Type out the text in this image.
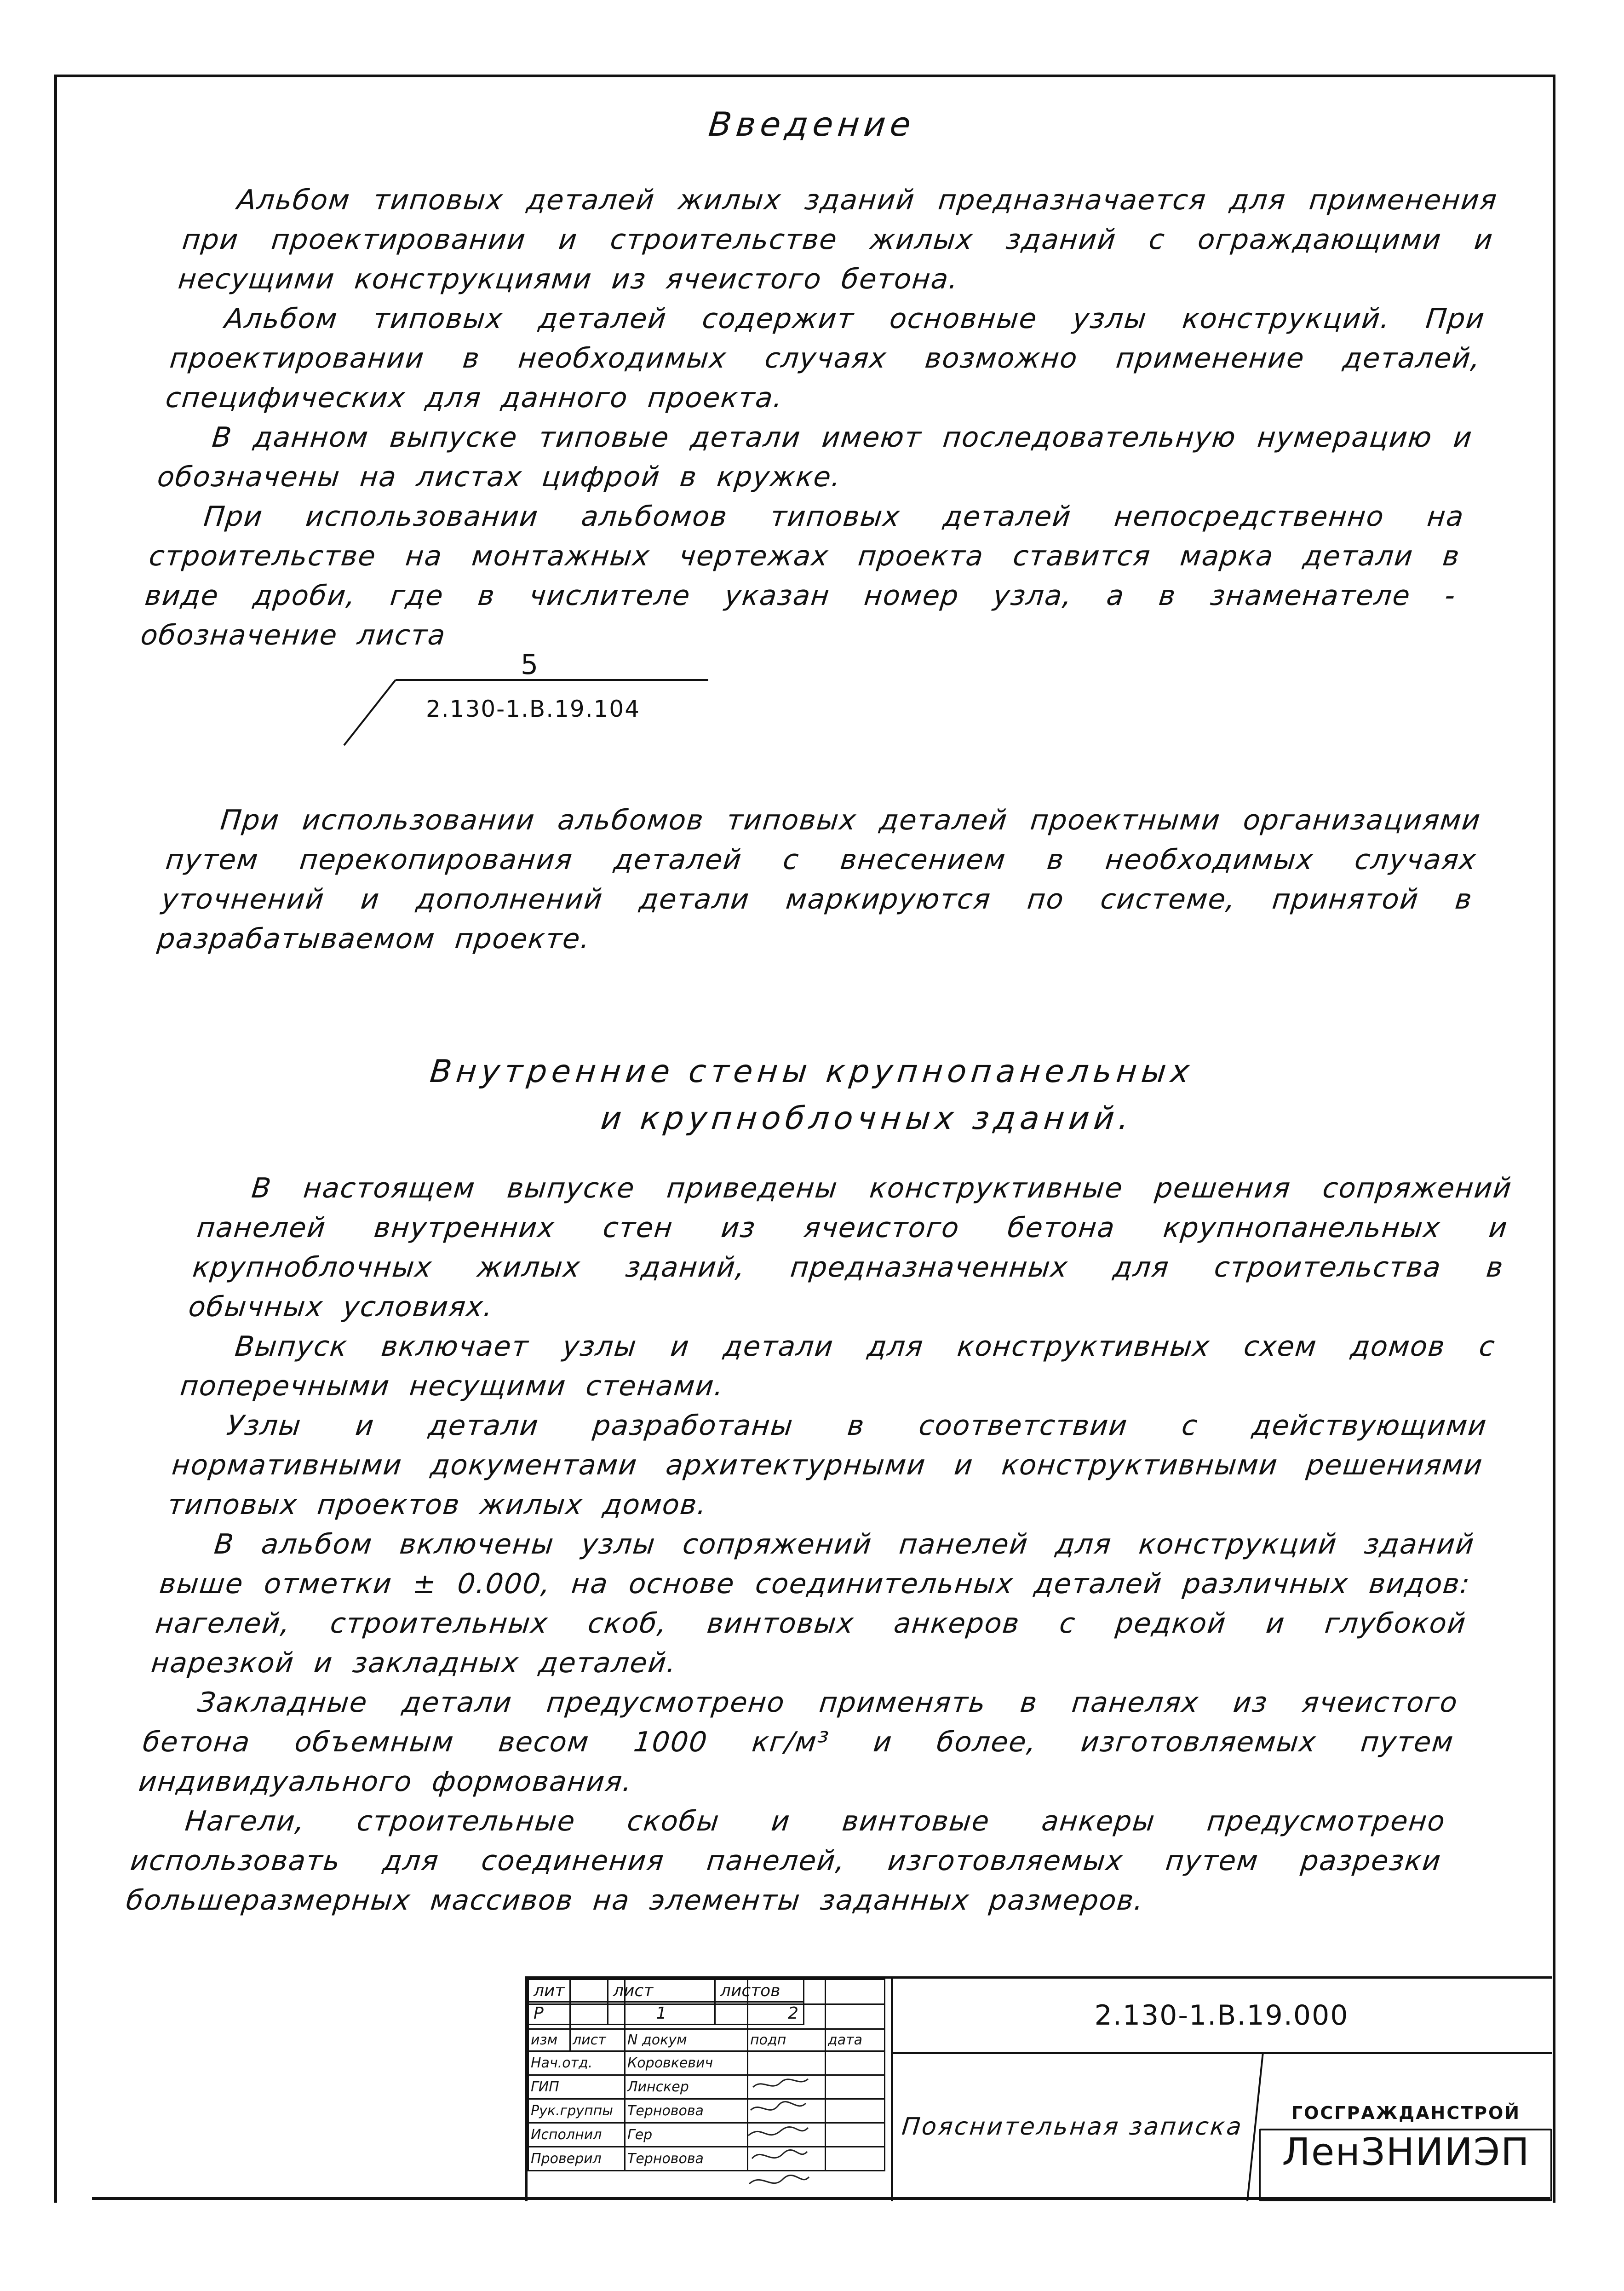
Введение

Альбом типовых деталей жилых зданий предназначается для применения при проектировании и строительстве жилых зданий с ограждающими и несущими конструкциями из ячеистого бетона.

Альбом типовых деталей содержит основные узлы конструкций. При проектировании в необходимых случаях возможно применение деталей, специфических для данного проекта.

В данном выпуске типовые детали имеют последовательную нумерацию и обозначены на листах цифрой в кружке.

При использовании альбомов типовых деталей непосредственно на строительстве на монтажных чертежах проекта ставится марка детали в виде дроби, где в числителе указан номер узла, а в знаменателе - обозначение листа

5
2.130-1.В.19.104

При использовании альбомов типовых деталей проектными организациями путем перекопирования деталей с внесением в необходимых случаях уточнений и дополнений детали маркируются по системе, принятой в разрабатываемом проекте.

Внутренние стены крупнопанельных
и крупноблочных зданий.

В настоящем выпуске приведены конструктивные решения сопряжений панелей внутренних стен из ячеистого бетона крупнопанельных и крупноблочных жилых зданий, предназначенных для строительства в обычных условиях.

Выпуск включает узлы и детали для конструктивных схем домов с поперечными несущими стенами.

Узлы и детали разработаны в соответствии с действующими нормативными документами архитектурными и конструктивными решениями типовых проектов жилых домов.

В альбом включены узлы сопряжений панелей для конструкций зданий выше отметки ± 0.000, на основе соединительных деталей различных видов: нагелей, строительных скоб, винтовых анкеров с редкой и глубокой нарезкой и закладных деталей.

Закладные детали предусмотрено применять в панелях из ячеистого бетона объемным весом 1000 кг/м³ и более, изготовляемых путем индивидуального формования.

Нагели, строительные скобы и винтовые анкеры предусмотрено использовать для соединения панелей, изготовляемых путем разрезки большеразмерных массивов на элементы заданных размеров.

изм	лист	N докум	подп	дата
Нач.отд.		Коровкевич		
ГИП		Линскер		
Рук.группы		Терновова		
Исполнил		Гер		
Проверил		Терновова		
2.130-1.В.19.000
Пояснительная записка
лит	лист	листов
Р	1	2
ГОСГРАЖДАНСТРОЙ
ЛенЗНИИЭП
